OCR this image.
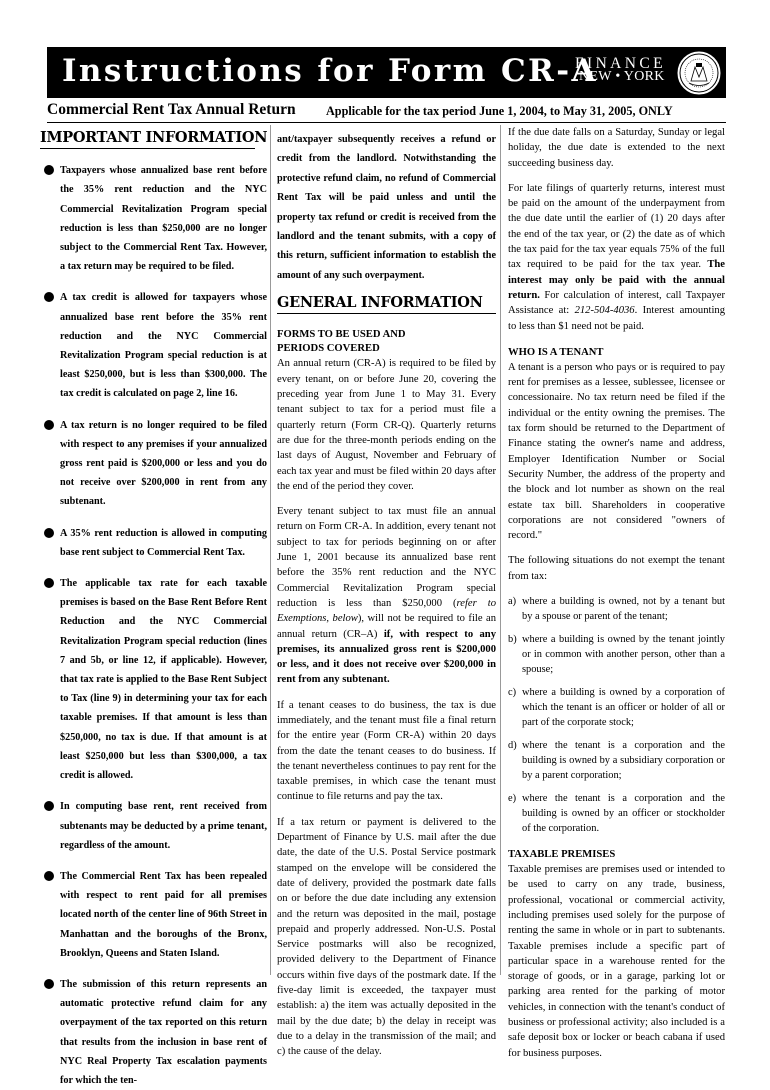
Instructions for Form CR-A
FINANCE
NEW • YORK
Commercial Rent Tax Annual Return Applicable for the tax period June 1, 2004, to May 31, 2005, ONLY
IMPORTANT INFORMATION
Taxpayers whose annualized base rent before the 35% rent reduction and the NYC Commercial Revitalization Program special reduction is less than $250,000 are no longer subject to the Commercial Rent Tax. However, a tax return may be required to be filed.
A tax credit is allowed for taxpayers whose annualized base rent before the 35% rent reduction and the NYC Commercial Revitalization Program special reduction is at least $250,000, but is less than $300,000. The tax credit is calculated on page 2, line 16.
A tax return is no longer required to be filed with respect to any premises if your annualized gross rent paid is $200,000 or less and you do not receive over $200,000 in rent from any subtenant.
A 35% rent reduction is allowed in computing base rent subject to Commercial Rent Tax.
The applicable tax rate for each taxable premises is based on the Base Rent Before Rent Reduction and the NYC Commercial Revitalization Program special reduction (lines 7 and 5b, or line 12, if applicable). However, that tax rate is applied to the Base Rent Subject to Tax (line 9) in determining your tax for each taxable premises. If that amount is less than $250,000, no tax is due. If that amount is at least $250,000 but less than $300,000, a tax credit is allowed.
In computing base rent, rent received from subtenants may be deducted by a prime tenant, regardless of the amount.
The Commercial Rent Tax has been repealed with respect to rent paid for all premises located north of the center line of 96th Street in Manhattan and the boroughs of the Bronx, Brooklyn, Queens and Staten Island.
The submission of this return represents an automatic protective refund claim for any overpayment of the tax reported on this return that results from the inclusion in base rent of NYC Real Property Tax escalation payments for which the ten-

ant/taxpayer subsequently receives a refund or credit from the landlord. Notwithstanding the protective refund claim, no refund of Commercial Rent Tax will be paid unless and until the property tax refund or credit is received from the landlord and the tenant submits, with a copy of this return, sufficient information to establish the amount of any such overpayment.

GENERAL INFORMATION
FORMS TO BE USED AND
PERIODS COVERED

An annual return (CR-A) is required to be filed by every tenant, on or before June 20, covering the preceding year from June 1 to May 31. Every tenant subject to tax for a period must file a quarterly return (Form CR-Q). Quarterly returns are due for the three-month periods ending on the last days of August, November and February of each tax year and must be filed within 20 days after the end of the period they cover.

Every tenant subject to tax must file an annual return on Form CR-A. In addition, every tenant not subject to tax for periods beginning on or after June 1, 2001 because its annualized base rent before the 35% rent reduction and the NYC Commercial Revitalization Program special reduction is less than $250,000 (refer to Exemptions, below), will not be required to file an annual return (CR–A) if, with respect to any premises, its annualized gross rent is $200,000 or less, and it does not receive over $200,000 in rent from any subtenant.

If a tenant ceases to do business, the tax is due immediately, and the tenant must file a final return for the entire year (Form CR-A) within 20 days from the date the tenant ceases to do business. If the tenant nevertheless continues to pay rent for the taxable premises, in which case the tenant must continue to file returns and pay the tax.

If a tax return or payment is delivered to the Department of Finance by U.S. mail after the due date, the date of the U.S. Postal Service postmark stamped on the envelope will be considered the date of delivery, provided the postmark date falls on or before the due date including any extension and the return was deposited in the mail, postage prepaid and properly addressed. Non-U.S. Postal Service postmarks will also be recognized, provided delivery to the Department of Finance occurs within five days of the postmark date. If the five-day limit is exceeded, the taxpayer must establish: a) the item was actually deposited in the mail by the due date; b) the delay in receipt was due to a delay in the transmission of the mail; and c) the cause of the delay.

If the due date falls on a Saturday, Sunday or legal holiday, the due date is extended to the next succeeding business day.

For late filings of quarterly returns, interest must be paid on the amount of the underpayment from the due date until the earlier of (1) 20 days after the end of the tax year, or (2) the date as of which the tax paid for the tax year equals 75% of the full tax required to be paid for the tax year. The interest may only be paid with the annual return. For calculation of interest, call Taxpayer Assistance at: 212-504-4036. Interest amounting to less than $1 need not be paid.

WHO IS A TENANT

A tenant is a person who pays or is required to pay rent for premises as a lessee, sublessee, licensee or concessionaire. No tax return need be filed if the individual or the entity owning the premises. The tax form should be returned to the Department of Finance stating the owner's name and address, Employer Identification Number or Social Security Number, the address of the property and the block and lot number as shown on the real estate tax bill. Shareholders in cooperative corporations are not considered "owners of record."

The following situations do not exempt the tenant from tax:

a) where a building is owned, not by a tenant but by a spouse or parent of the tenant;
b) where a building is owned by the tenant jointly or in common with another person, other than a spouse;
c) where a building is owned by a corporation of which the tenant is an officer or holder of all or part of the corporate stock;
d) where the tenant is a corporation and the building is owned by a subsidiary corporation or by a parent corporation;
e) where the tenant is a corporation and the building is owned by an officer or stockholder of the corporation.
TAXABLE PREMISES

Taxable premises are premises used or intended to be used to carry on any trade, business, professional, vocational or commercial activity, including premises used solely for the purpose of renting the same in whole or in part to subtenants. Taxable premises include a specific part of particular space in a warehouse rented for the storage of goods, or in a garage, parking lot or parking area rented for the parking of motor vehicles, in connection with the tenant's conduct of business or professional activity; also included is a safe deposit box or locker or beach cabana if used for business purposes.
